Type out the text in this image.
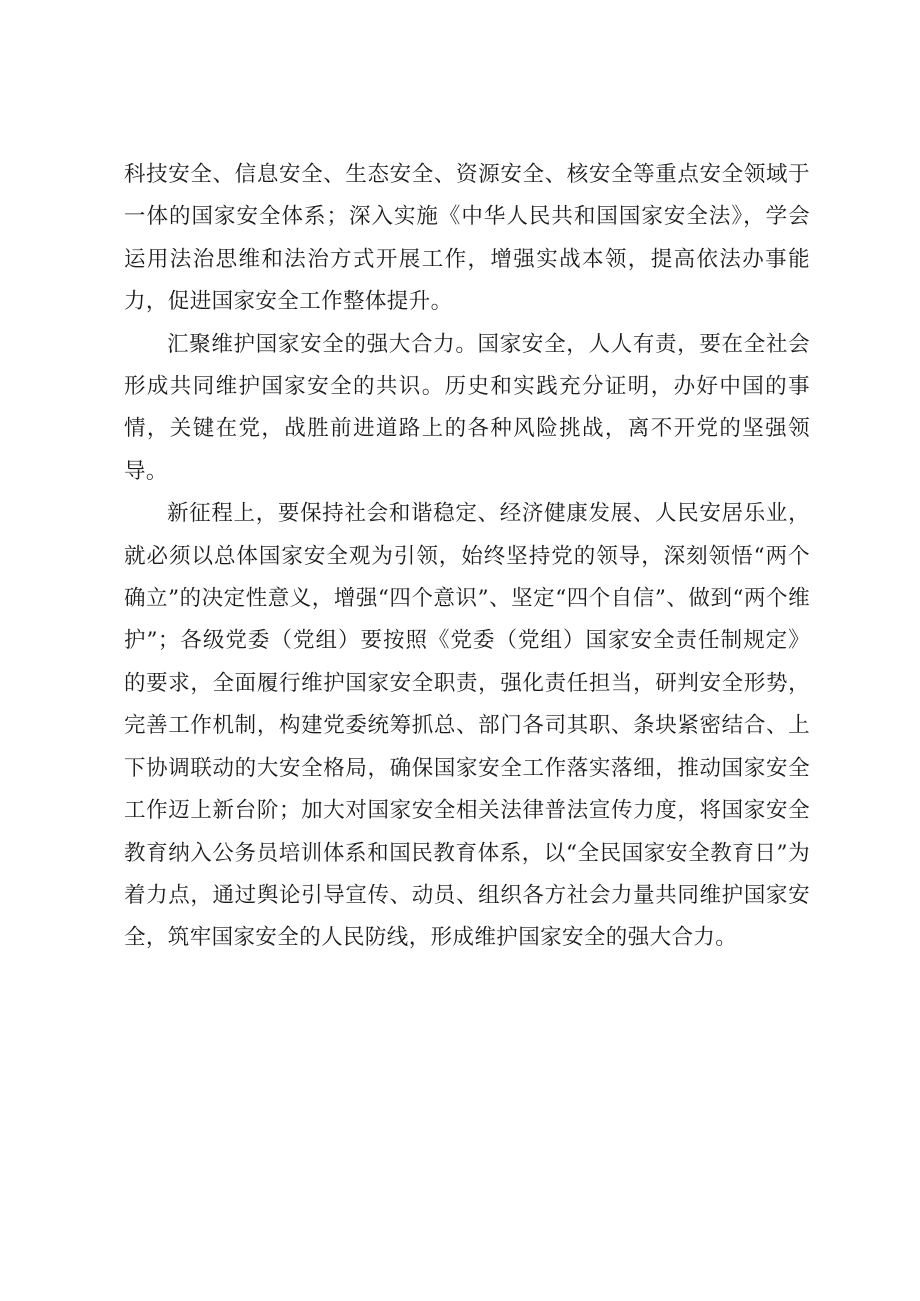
科技安全、信息安全、生态安全、资源安全、核安全等重点安全领域于一体的国家安全体系；深入实施《中华人民共和国国家安全法》，学会运用法治思维和法治方式开展工作，增强实战本领，提高依法办事能力，促进国家安全工作整体提升。

汇聚维护国家安全的强大合力。国家安全，人人有责，要在全社会形成共同维护国家安全的共识。历史和实践充分证明，办好中国的事情，关键在党，战胜前进道路上的各种风险挑战，离不开党的坚强领导。

新征程上，要保持社会和谐稳定、经济健康发展、人民安居乐业，就必须以总体国家安全观为引领，始终坚持党的领导，深刻领悟“两个确立”的决定性意义，增强“四个意识”、坚定“四个自信”、做到“两个维护”；各级党委（党组）要按照《党委（党组）国家安全责任制规定》的要求，全面履行维护国家安全职责，强化责任担当，研判安全形势，完善工作机制，构建党委统筹抓总、部门各司其职、条块紧密结合、上下协调联动的大安全格局，确保国家安全工作落实落细，推动国家安全工作迈上新台阶；加大对国家安全相关法律普法宣传力度，将国家安全教育纳入公务员培训体系和国民教育体系，以“全民国家安全教育日”为着力点，通过舆论引导宣传、动员、组织各方社会力量共同维护国家安全，筑牢国家安全的人民防线，形成维护国家安全的强大合力。
